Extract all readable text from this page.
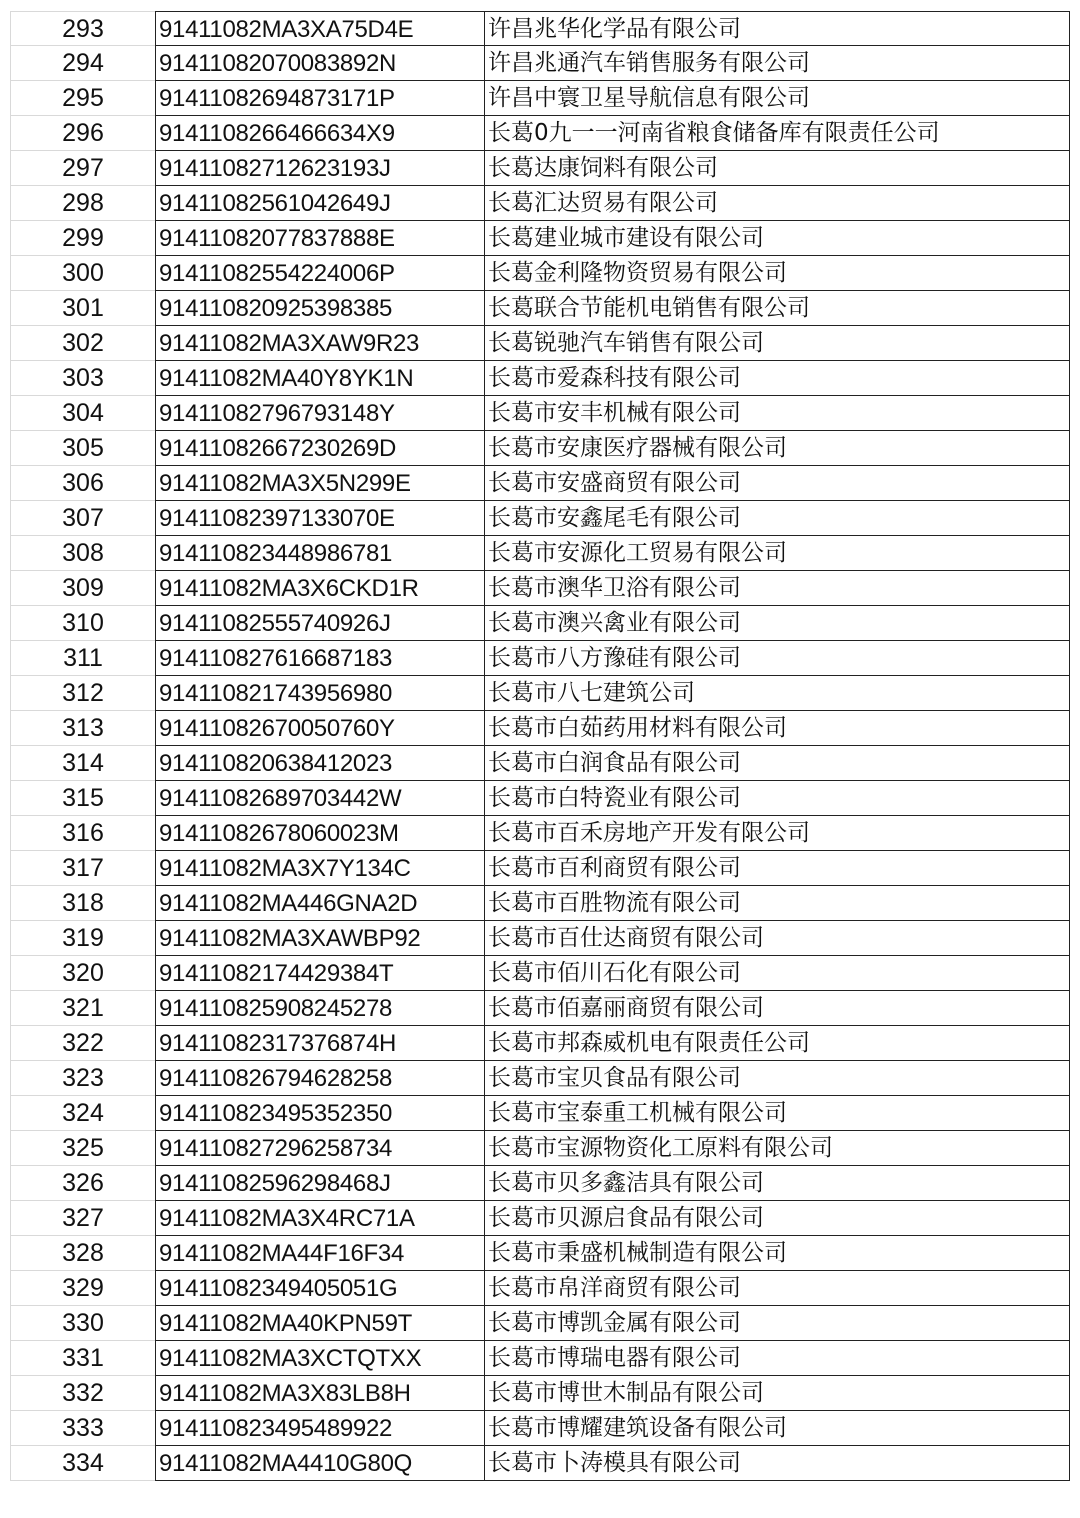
293	91411082MA3XA75D4E	许昌兆华化学品有限公司
294	91411082070083892N	许昌兆通汽车销售服务有限公司
295	91411082694873171P	许昌中寰卫星导航信息有限公司
296	9141108266466634X9	长葛0九一一河南省粮食储备库有限责任公司
297	91411082712623193J	长葛达康饲料有限公司
298	91411082561042649J	长葛汇达贸易有限公司
299	91411082077837888E	长葛建业城市建设有限公司
300	91411082554224006P	长葛金利隆物资贸易有限公司
301	914110820925398385	长葛联合节能机电销售有限公司
302	91411082MA3XAW9R23	长葛锐驰汽车销售有限公司
303	91411082MA40Y8YK1N	长葛市爱森科技有限公司
304	91411082796793148Y	长葛市安丰机械有限公司
305	91411082667230269D	长葛市安康医疗器械有限公司
306	91411082MA3X5N299E	长葛市安盛商贸有限公司
307	91411082397133070E	长葛市安鑫尾毛有限公司
308	914110823448986781	长葛市安源化工贸易有限公司
309	91411082MA3X6CKD1R	长葛市澳华卫浴有限公司
310	91411082555740926J	长葛市澳兴禽业有限公司
311	914110827616687183	长葛市八方豫硅有限公司
312	914110821743956980	长葛市八七建筑公司
313	91411082670050760Y	长葛市白茹药用材料有限公司
314	914110820638412023	长葛市白润食品有限公司
315	91411082689703442W	长葛市白特瓷业有限公司
316	91411082678060023M	长葛市百禾房地产开发有限公司
317	91411082MA3X7Y134C	长葛市百利商贸有限公司
318	91411082MA446GNA2D	长葛市百胜物流有限公司
319	91411082MA3XAWBP92	长葛市百仕达商贸有限公司
320	91411082174429384T	长葛市佰川石化有限公司
321	914110825908245278	长葛市佰嘉丽商贸有限公司
322	91411082317376874H	长葛市邦森威机电有限责任公司
323	914110826794628258	长葛市宝贝食品有限公司
324	914110823495352350	长葛市宝泰重工机械有限公司
325	914110827296258734	长葛市宝源物资化工原料有限公司
326	91411082596298468J	长葛市贝多鑫洁具有限公司
327	91411082MA3X4RC71A	长葛市贝源启食品有限公司
328	91411082MA44F16F34	长葛市秉盛机械制造有限公司
329	91411082349405051G	长葛市帛洋商贸有限公司
330	91411082MA40KPN59T	长葛市博凯金属有限公司
331	91411082MA3XCTQTXX	长葛市博瑞电器有限公司
332	91411082MA3X83LB8H	长葛市博世木制品有限公司
333	914110823495489922	长葛市博耀建筑设备有限公司
334	91411082MA4410G80Q	长葛市卜涛模具有限公司
